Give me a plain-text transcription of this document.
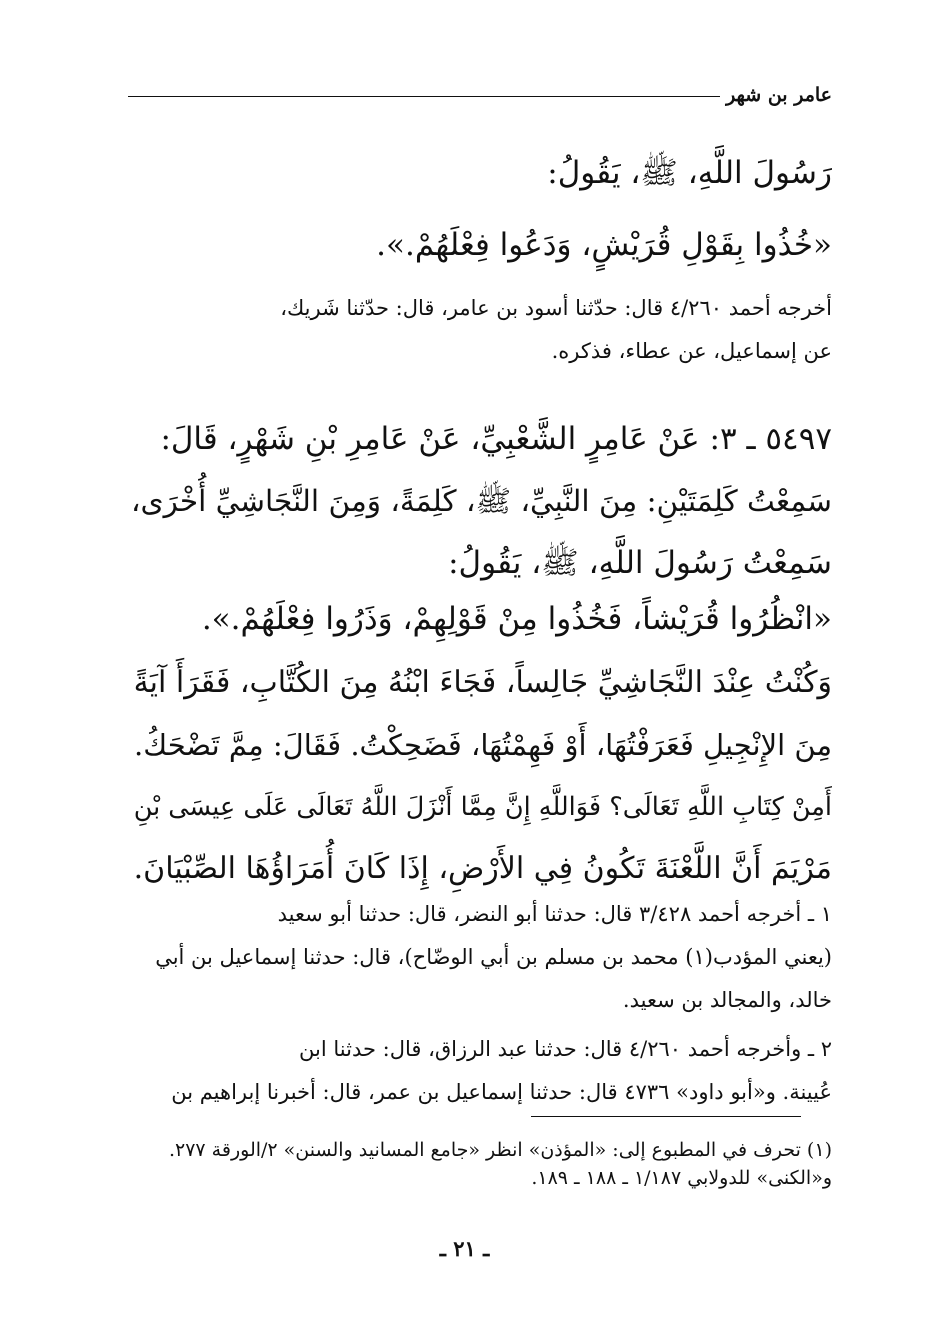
عامر بن شهر
رَسُولَ اللَّهِ، ﷺ، يَقُولُ:
«خُذُوا بِقَوْلِ قُرَيْشٍ، وَدَعُوا فِعْلَهُمْ.».
أخرجه أحمد ٤/٢٦٠ قال: حدّثنا أسود بن عامر، قال: حدّثنا شَريك،
عن إسماعيل، عن عطاء، فذكره.
٥٤٩٧ ـ ٣: عَنْ عَامِرٍ الشَّعْبِيِّ، عَنْ عَامِرِ بْنِ شَهْرٍ، قَالَ:
سَمِعْتُ كَلِمَتَيْنِ: مِنَ النَّبِيِّ، ﷺ، كَلِمَةً، وَمِنَ النَّجَاشِيِّ أُخْرَى،
سَمِعْتُ رَسُولَ اللَّهِ، ﷺ، يَقُولُ:
«انْظُرُوا قُرَيْشاً، فَخُذُوا مِنْ قَوْلِهِمْ، وَذَرُوا فِعْلَهُمْ.».
وَكُنْتُ عِنْدَ النَّجَاشِيِّ جَالِساً، فَجَاءَ ابْنُهُ مِنَ الكُتَّابِ، فَقَرَأَ آيَةً
مِنَ الإِنْجِيلِ فَعَرَفْتُهَا، أَوْ فَهِمْتُهَا، فَضَحِكْتُ. فَقَالَ: مِمَّ تَضْحَكُ.
أَمِنْ كِتَابِ اللَّهِ تَعَالَى؟ فَوَاللَّهِ إِنَّ مِمَّا أَنْزَلَ اللَّهُ تَعَالَى عَلَى عِيسَى بْنِ
مَرْيَمَ أَنَّ اللَّعْنَةَ تَكُونُ فِي الأَرْضِ، إِذَا كَانَ أُمَرَاؤُهَا الصِّبْيَانَ.
١ ـ أخرجه أحمد ٣/٤٢٨ قال: حدثنا أبو النضر، قال: حدثنا أبو سعيد
(يعني المؤدب(١) محمد بن مسلم بن أبي الوضّاح)، قال: حدثنا إسماعيل بن أبي
خالد، والمجالد بن سعيد.
٢ ـ وأخرجه أحمد ٤/٢٦٠ قال: حدثنا عبد الرزاق، قال: حدثنا ابن
عُيينة. و«أبو داود» ٤٧٣٦ قال: حدثنا إسماعيل بن عمر، قال: أخبرنا إبراهيم بن
(١) تحرف في المطبوع إلى: «المؤذن» انظر «جامع المسانيد والسنن» ٢/الورقة ٢٧٧.
و«الكنى» للدولابي ١/١٨٧ ـ ١٨٨ ـ ١٨٩.
ـ ٢١ ـ
